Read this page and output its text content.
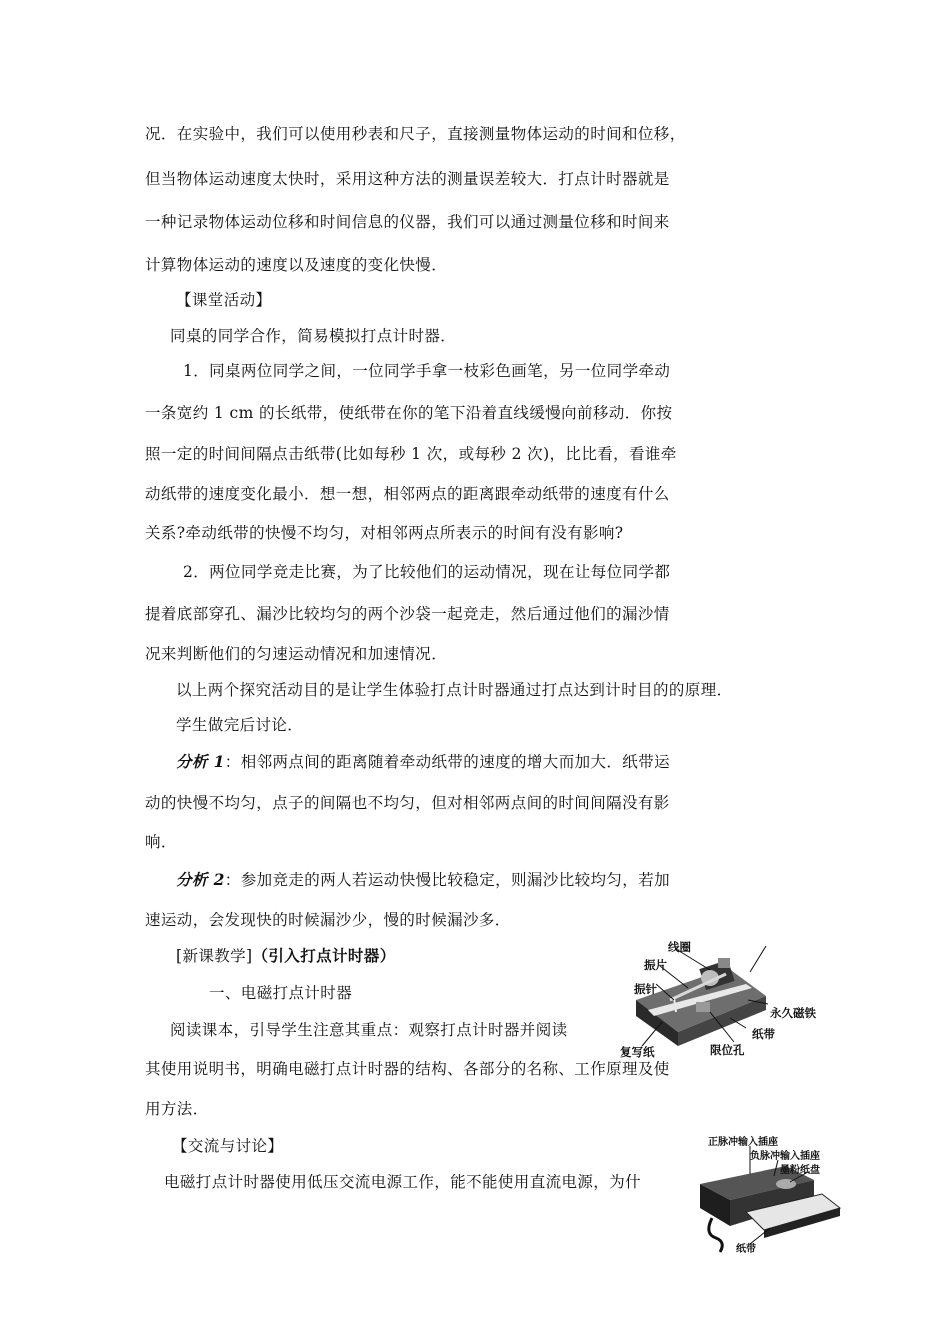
况．在实验中，我们可以使用秒表和尺子，直接测量物体运动的时间和位移，
但当物体运动速度太快时，采用这种方法的测量误差较大．打点计时器就是
一种记录物体运动位移和时间信息的仪器，我们可以通过测量位移和时间来
计算物体运动的速度以及速度的变化快慢．
【课堂活动】
同桌的同学合作，简易模拟打点计时器．
1．同桌两位同学之间，一位同学手拿一枝彩色画笔，另一位同学牵动
一条宽约 1 cm 的长纸带，使纸带在你的笔下沿着直线缓慢向前移动．你按
照一定的时间间隔点击纸带(比如每秒 1 次，或每秒 2 次)，比比看，看谁牵
动纸带的速度变化最小．想一想，相邻两点的距离跟牵动纸带的速度有什么
关系?牵动纸带的快慢不均匀，对相邻两点所表示的时间有没有影响?
2．两位同学竞走比赛，为了比较他们的运动情况，现在让每位同学都
提着底部穿孔、漏沙比较均匀的两个沙袋一起竞走，然后通过他们的漏沙情
况来判断他们的匀速运动情况和加速情况．
以上两个探究活动目的是让学生体验打点计时器通过打点达到计时目的的原理．
学生做完后讨论．
分析 1：相邻两点间的距离随着牵动纸带的速度的增大而加大．纸带运
动的快慢不均匀，点子的间隔也不均匀，但对相邻两点间的时间间隔没有影
响．
分析 2：参加竞走的两人若运动快慢比较稳定，则漏沙比较均匀，若加
速运动，会发现快的时候漏沙少，慢的时候漏沙多．
[新课教学]（引入打点计时器）
一、电磁打点计时器
阅读课本，引导学生注意其重点：观察打点计时器并阅读
其使用说明书，明确电磁打点计时器的结构、各部分的名称、工作原理及使
用方法．
【交流与讨论】
电磁打点计时器使用低压交流电源工作，能不能使用直流电源，为什
线圈
振片
振针
永久磁铁
纸带
复写纸	限位孔
正脉冲输入插座
负脉冲输入插座
墨粉纸盘
纸带
